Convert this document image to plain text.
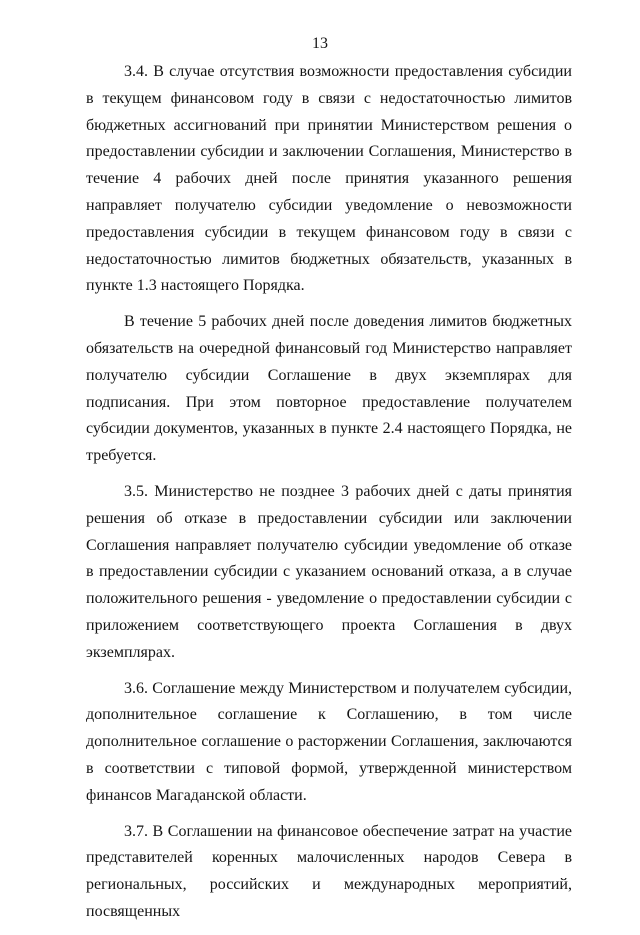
13

3.4. В случае отсутствия возможности предоставления субсидии в текущем финансовом году в связи с недостаточностью лимитов бюджетных ассигнований при принятии Министерством решения о предоставлении субсидии и заключении Соглашения, Министерство в течение 4 рабочих дней после принятия указанного решения направляет получателю субсидии уведомление о невозможности предоставления субсидии в текущем финансовом году в связи с недостаточностью лимитов бюджетных обязательств, указанных в пункте 1.3 настоящего Порядка.

В течение 5 рабочих дней после доведения лимитов бюджетных обязательств на очередной финансовый год Министерство направляет получателю субсидии Соглашение в двух экземплярах для подписания. При этом повторное предоставление получателем субсидии документов, указанных в пункте 2.4 настоящего Порядка, не требуется.

3.5. Министерство не позднее 3 рабочих дней с даты принятия решения об отказе в предоставлении субсидии или заключении Соглашения направляет получателю субсидии уведомление об отказе в предоставлении субсидии с указанием оснований отказа, а в случае положительного решения - уведомление о предоставлении субсидии с приложением соответствующего проекта Соглашения в двух экземплярах.

3.6. Соглашение между Министерством и получателем субсидии, дополнительное соглашение к Соглашению, в том числе дополнительное соглашение о расторжении Соглашения, заключаются в соответствии с типовой формой, утвержденной министерством финансов Магаданской области.

3.7. В Соглашении на финансовое обеспечение затрат на участие представителей коренных малочисленных народов Севера в региональных, российских и международных мероприятий, посвященных
